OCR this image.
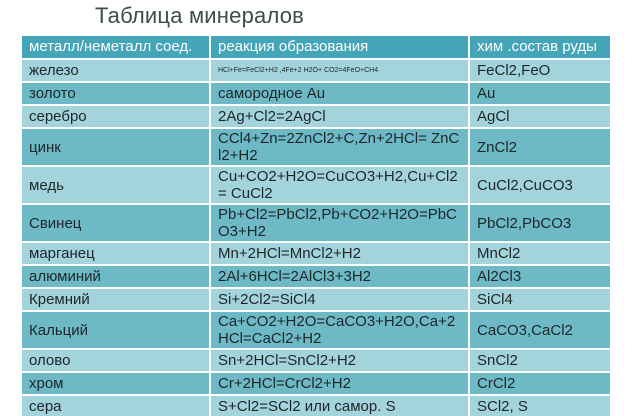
Таблица минералов
металл/неметалл соед.	реакция образования	хим .состав руды
железо	HCl+Fe=FeCl2+H2 ,4Fe+2 H2O+ CO2=4FeO+CH4	FeCl2,FeO
золото	самородное Au	Au
серебро	2Ag+Cl2=2AgCl	AgCl
цинк	CCl4+Zn=2ZnCl2+C,Zn+2HCl= ZnCl2+H2	ZnCl2
медь	Cu+CO2+H2O=CuCO3+H2,Cu+Cl2 = CuCl2	CuCl2,CuCO3
Свинец	Pb+Cl2=PbCl2,Pb+CO2+H2O=PbCO3+H2	PbCl2,PbCO3
марганец	Mn+2HCl=MnCl2+H2	MnCl2
алюминий	2Al+6HCl=2AlCl3+3H2	Al2Cl3
Кремний	Si+2Cl2=SiCl4	SiCl4
Кальций	Ca+CO2+H2O=CaCO3+H2O,Ca+2 HCl=CaCl2+H2	CaCO3,CaCl2
олово	Sn+2HCl=SnCl2+H2	SnCl2
хром	Cr+2HCl=CrCl2+H2	CrCl2
сера	S+Cl2=SCl2 или самор. S	SCl2, S
